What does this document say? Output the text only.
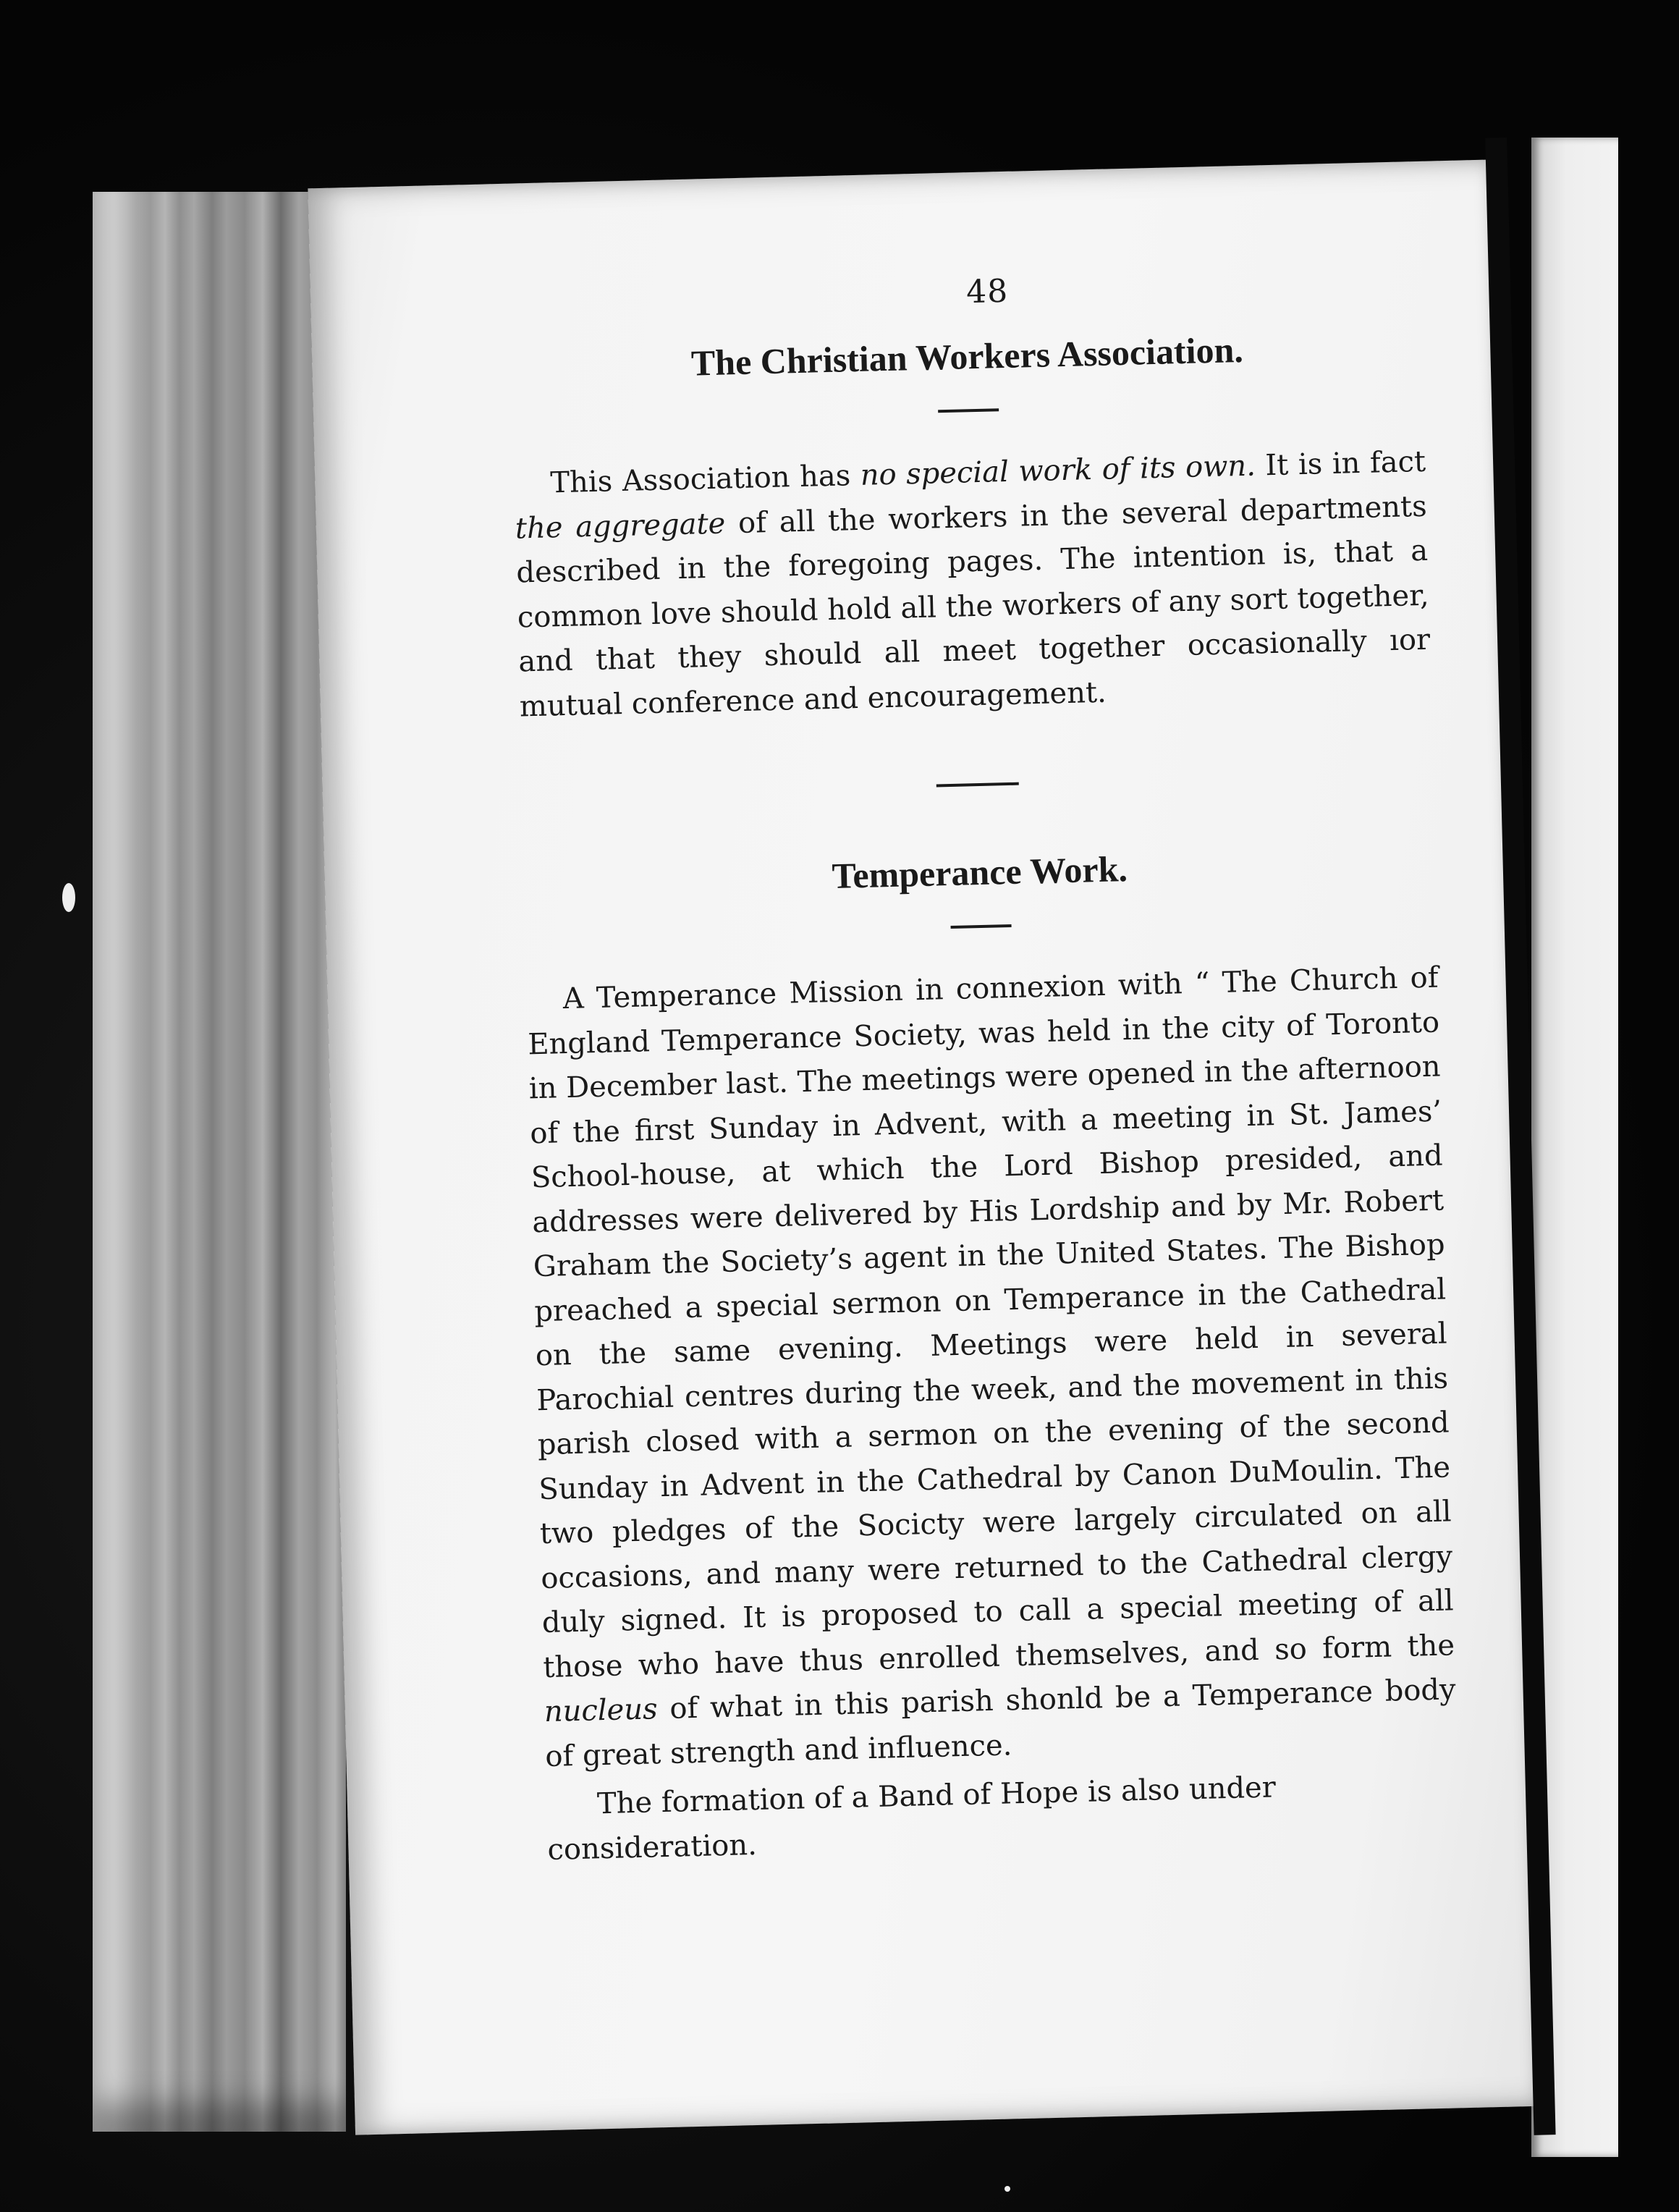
48
The Christian Workers Association.

This Association has no special work of its own. It is in fact the aggregate of all the workers in the several departments described in the foregoing pages. The intention is, that a common love should hold all the workers of any sort together, and that they should all meet together occasionally ıor mutual conference and encouragement.

Temperance Work.

A Temperance Mission in connexion with “ The Church of England Temperance Society, was held in the city of Toronto in December last. The meetings were opened in the afternoon of the first Sunday in Advent, with a meeting in St. James’ School-house, at which the Lord Bishop presided, and addresses were delivered by His Lordship and by Mr. Robert Graham the Society’s agent in the United States. The Bishop preached a special sermon on Temperance in the Cathedral on the same evening. Meetings were held in several Parochial centres during the week, and the movement in this parish closed with a sermon on the evening of the second Sunday in Advent in the Cathedral by Canon DuMoulin. The two pledges of the Socicty were largely circulated on all occasions, and many were returned to the Cathedral clergy duly signed. It is proposed to call a special meeting of all those who have thus enrolled themselves, and so form the nucleus of what in this parish shonld be a Temperance body of great strength and influence.

The formation of a Band of Hope is also under consideration.
